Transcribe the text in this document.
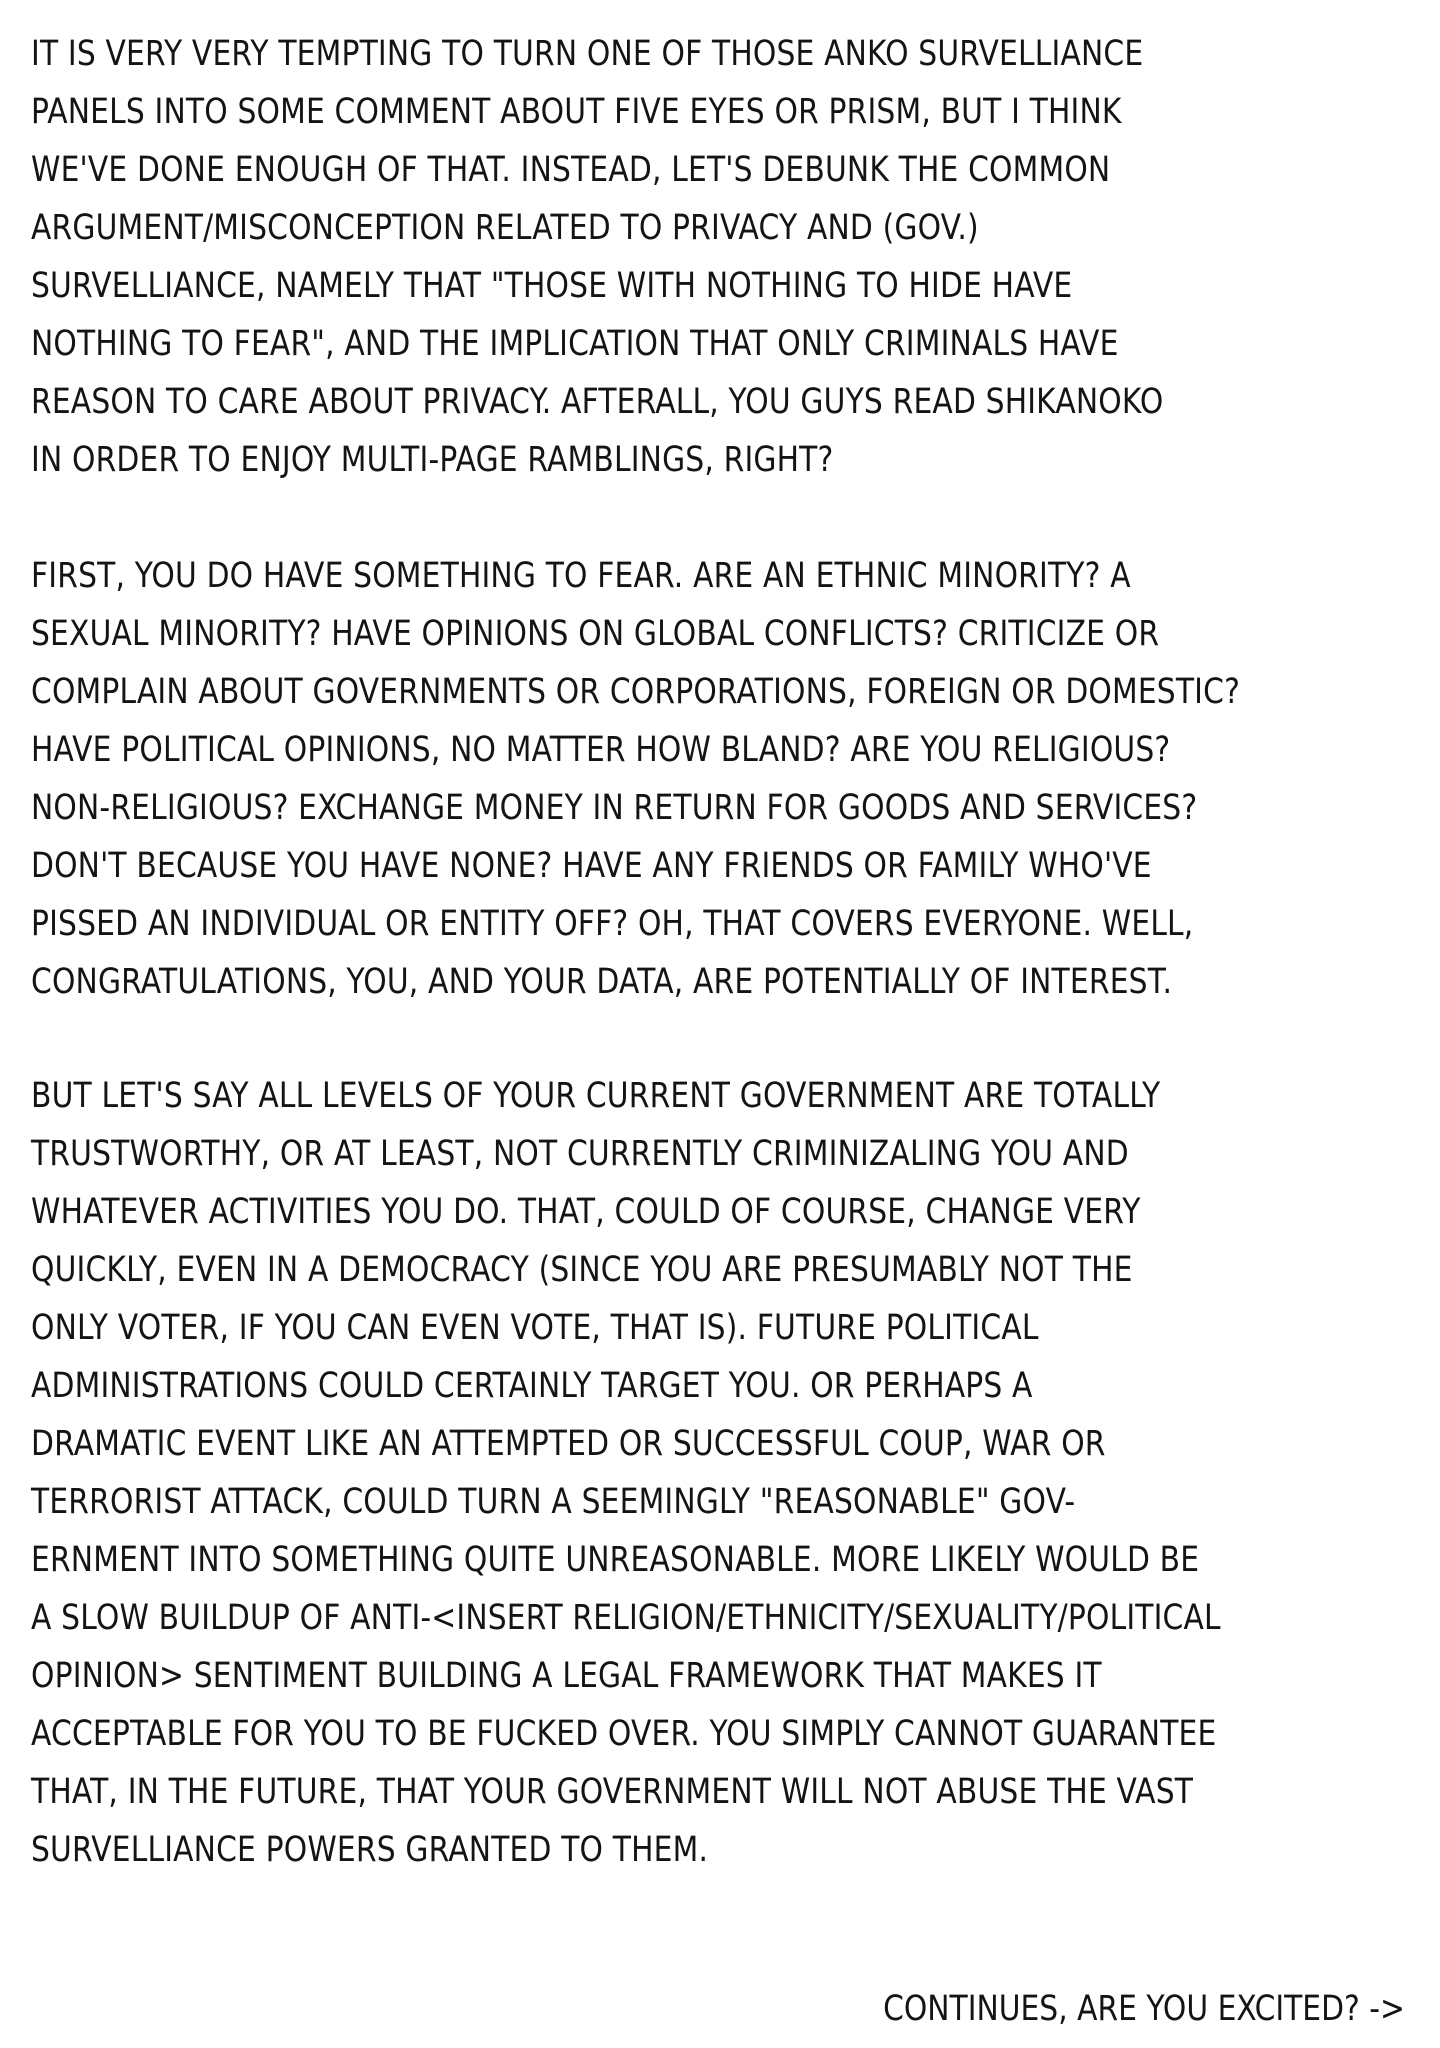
IT IS VERY VERY TEMPTING TO TURN ONE OF THOSE ANKO SURVELLIANCE
PANELS INTO SOME COMMENT ABOUT FIVE EYES OR PRISM, BUT I THINK
WE'VE DONE ENOUGH OF THAT. INSTEAD, LET'S DEBUNK THE COMMON
ARGUMENT/MISCONCEPTION RELATED TO PRIVACY AND (GOV.)
SURVELLIANCE, NAMELY THAT "THOSE WITH NOTHING TO HIDE HAVE
NOTHING TO FEAR", AND THE IMPLICATION THAT ONLY CRIMINALS HAVE
REASON TO CARE ABOUT PRIVACY. AFTERALL, YOU GUYS READ SHIKANOKO
IN ORDER TO ENJOY MULTI-PAGE RAMBLINGS, RIGHT?
FIRST, YOU DO HAVE SOMETHING TO FEAR. ARE AN ETHNIC MINORITY? A
SEXUAL MINORITY? HAVE OPINIONS ON GLOBAL CONFLICTS? CRITICIZE OR
COMPLAIN ABOUT GOVERNMENTS OR CORPORATIONS, FOREIGN OR DOMESTIC?
HAVE POLITICAL OPINIONS, NO MATTER HOW BLAND? ARE YOU RELIGIOUS?
NON-RELIGIOUS? EXCHANGE MONEY IN RETURN FOR GOODS AND SERVICES?
DON'T BECAUSE YOU HAVE NONE? HAVE ANY FRIENDS OR FAMILY WHO'VE
PISSED AN INDIVIDUAL OR ENTITY OFF? OH, THAT COVERS EVERYONE. WELL,
CONGRATULATIONS, YOU, AND YOUR DATA, ARE POTENTIALLY OF INTEREST.
BUT LET'S SAY ALL LEVELS OF YOUR CURRENT GOVERNMENT ARE TOTALLY
TRUSTWORTHY, OR AT LEAST, NOT CURRENTLY CRIMINIZALING YOU AND
WHATEVER ACTIVITIES YOU DO. THAT, COULD OF COURSE, CHANGE VERY
QUICKLY, EVEN IN A DEMOCRACY (SINCE YOU ARE PRESUMABLY NOT THE
ONLY VOTER, IF YOU CAN EVEN VOTE, THAT IS). FUTURE POLITICAL
ADMINISTRATIONS COULD CERTAINLY TARGET YOU. OR PERHAPS A
DRAMATIC EVENT LIKE AN ATTEMPTED OR SUCCESSFUL COUP, WAR OR
TERRORIST ATTACK, COULD TURN A SEEMINGLY "REASONABLE" GOV-
ERNMENT INTO SOMETHING QUITE UNREASONABLE. MORE LIKELY WOULD BE
A SLOW BUILDUP OF ANTI-<INSERT RELIGION/ETHNICITY/SEXUALITY/POLITICAL
OPINION> SENTIMENT BUILDING A LEGAL FRAMEWORK THAT MAKES IT
ACCEPTABLE FOR YOU TO BE FUCKED OVER. YOU SIMPLY CANNOT GUARANTEE
THAT, IN THE FUTURE, THAT YOUR GOVERNMENT WILL NOT ABUSE THE VAST
SURVELLIANCE POWERS GRANTED TO THEM.

CONTINUES, ARE YOU EXCITED? ->
